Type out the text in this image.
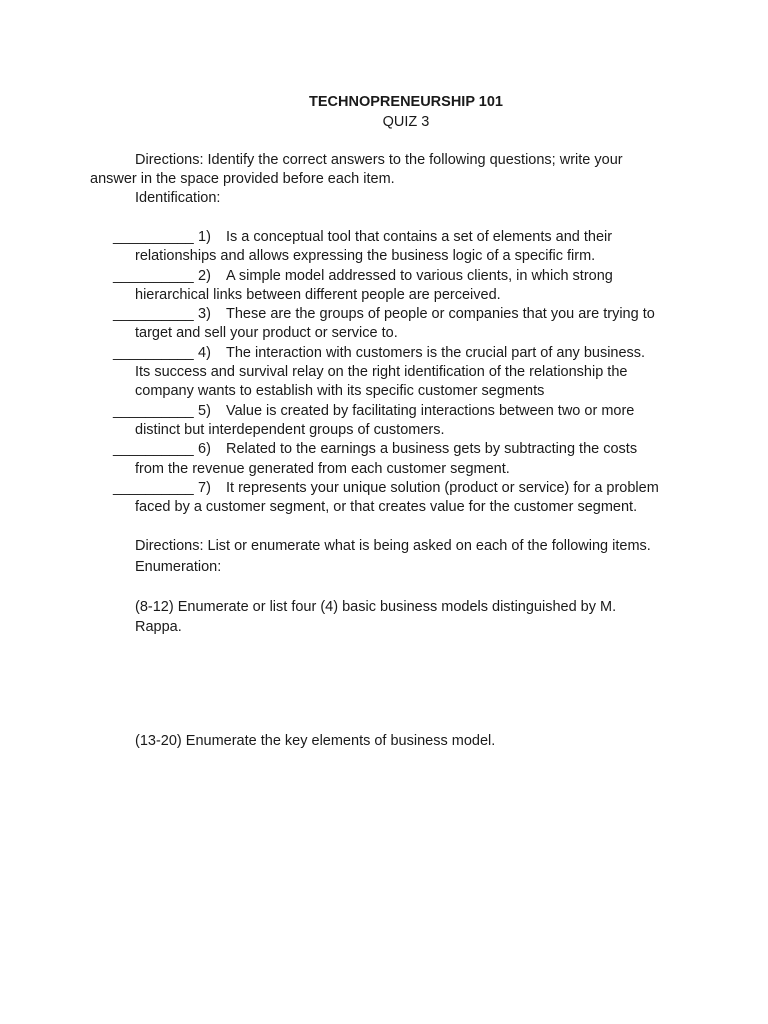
TECHNOPRENEURSHIP 101
QUIZ 3

Directions: Identify the correct answers to the following questions; write your
answer in the space provided before each item.

Identification:
__________ 1) Is a conceptual tool that contains a set of elements and their
relationships and allows expressing the business logic of a specific firm.
__________ 2) A simple model addressed to various clients, in which strong
hierarchical links between different people are perceived.
__________ 3) These are the groups of people or companies that you are trying to
target and sell your product or service to.
__________ 4) The interaction with customers is the crucial part of any business.
Its success and survival relay on the right identification of the relationship the
company wants to establish with its specific customer segments
__________ 5) Value is created by facilitating interactions between two or more
distinct but interdependent groups of customers.
__________ 6) Related to the earnings a business gets by subtracting the costs
from the revenue generated from each customer segment.
__________ 7) It represents your unique solution (product or service) for a problem
faced by a customer segment, or that creates value for the customer segment.
Directions: List or enumerate what is being asked on each of the following items.
Enumeration:
(8-12) Enumerate or list four (4) basic business models distinguished by M.
Rappa.
(13-20) Enumerate the key elements of business model.
